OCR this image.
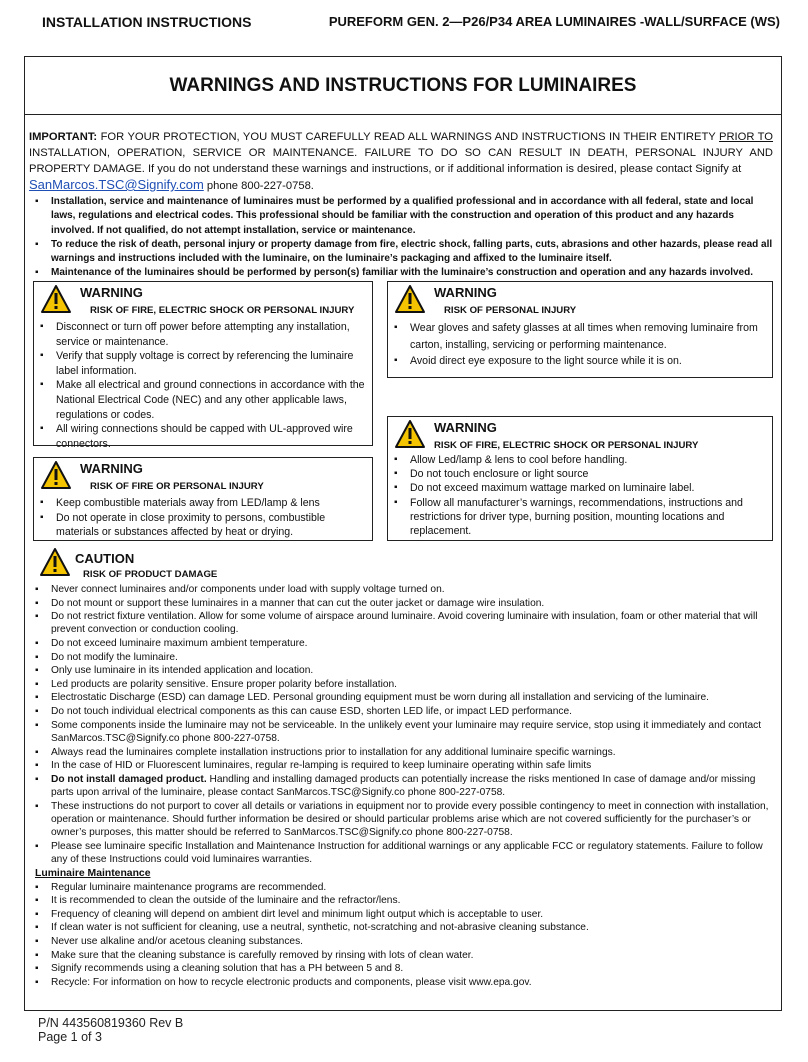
INSTALLATION INSTRUCTIONS	PUREFORM GEN. 2—P26/P34 AREA LUMINAIRES -WALL/SURFACE (WS)
WARNINGS AND INSTRUCTIONS FOR LUMINAIRES
IMPORTANT: FOR YOUR PROTECTION, YOU MUST CAREFULLY READ ALL WARNINGS AND INSTRUCTIONS IN THEIR ENTIRETY PRIOR TO INSTALLATION, OPERATION, SERVICE OR MAINTENANCE. FAILURE TO DO SO CAN RESULT IN DEATH, PERSONAL INJURY AND PROPERTY DAMAGE. If you do not understand these warnings and instructions, or if additional information is desired, please contact Signify at
SanMarcos.TSC@Signify.com phone 800-227-0758.
▪ Installation, service and maintenance of luminaires must be performed by a qualified professional and in accordance with all federal, state and local laws, regulations and electrical codes. This professional should be familiar with the construction and operation of this product and any hazards involved. If not qualified, do not attempt installation, service or maintenance.
▪ To reduce the risk of death, personal injury or property damage from fire, electric shock, falling parts, cuts, abrasions and other hazards, please read all warnings and instructions included with the luminaire, on the luminaire’s packaging and affixed to the luminaire itself.
▪ Maintenance of the luminaires should be performed by person(s) familiar with the luminaire’s construction and operation and any hazards involved.
WARNING
RISK OF FIRE, ELECTRIC SHOCK OR PERSONAL INJURY
▪ Disconnect or turn off power before attempting any installation, service or maintenance.
▪ Verify that supply voltage is correct by referencing the luminaire label information.
▪ Make all electrical and ground connections in accordance with the National Electrical Code (NEC) and any other applicable laws, regulations or codes.
▪ All wiring connections should be capped with UL-approved wire connectors.
WARNING
RISK OF PERSONAL INJURY
▪ Wear gloves and safety glasses at all times when removing luminaire from carton, installing, servicing or performing maintenance.
▪ Avoid direct eye exposure to the light source while it is on.
WARNING
RISK OF FIRE OR PERSONAL INJURY
▪ Keep combustible materials away from LED/lamp & lens
▪ Do not operate in close proximity to persons, combustible materials or substances affected by heat or drying.
WARNING
RISK OF FIRE, ELECTRIC SHOCK OR PERSONAL INJURY
▪ Allow Led/lamp & lens to cool before handling.
▪ Do not touch enclosure or light source
▪ Do not exceed maximum wattage marked on luminaire label.
▪ Follow all manufacturer’s warnings, recommendations, instructions and restrictions for driver type, burning position, mounting locations and replacement.
CAUTION
RISK OF PRODUCT DAMAGE
▪ Never connect luminaires and/or components under load with supply voltage turned on.
▪ Do not mount or support these luminaires in a manner that can cut the outer jacket or damage wire insulation.
▪ Do not restrict fixture ventilation. Allow for some volume of airspace around luminaire. Avoid covering luminaire with insulation, foam or other material that will prevent convection or conduction cooling.
▪ Do not exceed luminaire maximum ambient temperature.
▪ Do not modify the luminaire.
▪ Only use luminaire in its intended application and location.
▪ Led products are polarity sensitive. Ensure proper polarity before installation.
▪ Electrostatic Discharge (ESD) can damage LED. Personal grounding equipment must be worn during all installation and servicing of the luminaire.
▪ Do not touch individual electrical components as this can cause ESD, shorten LED life, or impact LED performance.
▪ Some components inside the luminaire may not be serviceable. In the unlikely event your luminaire may require service, stop using it immediately and contact SanMarcos.TSC@Signify.co phone 800-227-0758.
▪ Always read the luminaires complete installation instructions prior to installation for any additional luminaire specific warnings.
▪ In the case of HID or Fluorescent luminaires, regular re-lamping is required to keep luminaire operating within safe limits
▪ Do not install damaged product. Handling and installing damaged products can potentially increase the risks mentioned In case of damage and/or missing parts upon arrival of the luminaire, please contact SanMarcos.TSC@Signify.co phone 800-227-0758.
▪ These instructions do not purport to cover all details or variations in equipment nor to provide every possible contingency to meet in connection with installation, operation or maintenance. Should further information be desired or should particular problems arise which are not covered sufficiently for the purchaser’s or owner’s purposes, this matter should be referred to SanMarcos.TSC@Signify.co phone 800-227-0758.
▪ Please see luminaire specific Installation and Maintenance Instruction for additional warnings or any applicable FCC or regulatory statements. Failure to follow any of these Instructions could void luminaires warranties.
Luminaire Maintenance
▪ Regular luminaire maintenance programs are recommended.
▪ It is recommended to clean the outside of the luminaire and the refractor/lens.
▪ Frequency of cleaning will depend on ambient dirt level and minimum light output which is acceptable to user.
▪ If clean water is not sufficient for cleaning, use a neutral, synthetic, not-scratching and not-abrasive cleaning substance.
▪ Never use alkaline and/or acetous cleaning substances.
▪ Make sure that the cleaning substance is carefully removed by rinsing with lots of clean water.
▪ Signify recommends using a cleaning solution that has a PH between 5 and 8.
▪ Recycle: For information on how to recycle electronic products and components, please visit www.epa.gov.
P/N 443560819360 Rev B
Page 1 of 3
